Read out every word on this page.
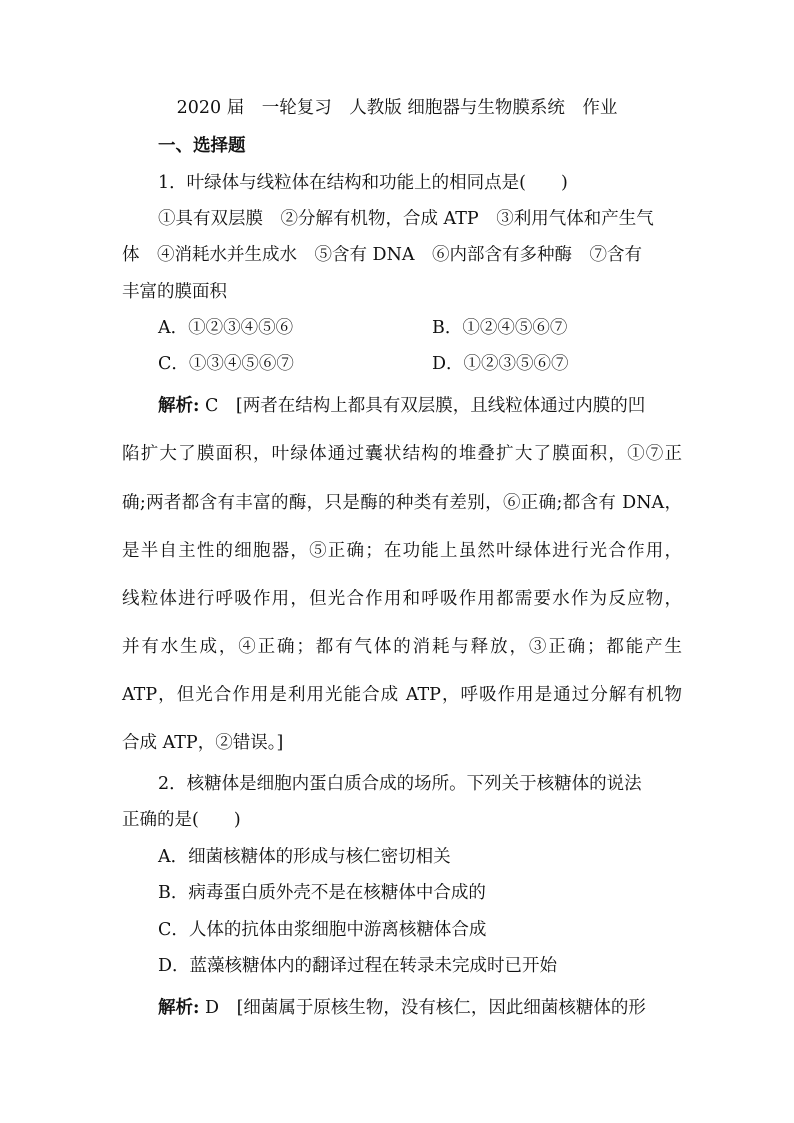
2020 届　一轮复习　人教版 细胞器与生物膜系统　作业
一、选择题
1．叶绿体与线粒体在结构和功能上的相同点是(　　)
①具有双层膜　②分解有机物，合成 ATP　③利用气体和产生气
体　④消耗水并生成水　⑤含有 DNA　⑥内部含有多种酶　⑦含有
丰富的膜面积
A．①②③④⑤⑥	B．①②④⑤⑥⑦
C．①③④⑤⑥⑦	D．①②③⑤⑥⑦
解析: C　[两者在结构上都具有双层膜，且线粒体通过内膜的凹
陷扩大了膜面积，叶绿体通过囊状结构的堆叠扩大了膜面积，①⑦正
确;两者都含有丰富的酶，只是酶的种类有差别，⑥正确;都含有 DNA，
是半自主性的细胞器，⑤正确；在功能上虽然叶绿体进行光合作用，
线粒体进行呼吸作用，但光合作用和呼吸作用都需要水作为反应物，
并有水生成，④正确；都有气体的消耗与释放，③正确；都能产生
ATP，但光合作用是利用光能合成 ATP，呼吸作用是通过分解有机物
合成 ATP，②错误。]
2．核糖体是细胞内蛋白质合成的场所。下列关于核糖体的说法
正确的是(　　)
A．细菌核糖体的形成与核仁密切相关
B．病毒蛋白质外壳不是在核糖体中合成的
C．人体的抗体由浆细胞中游离核糖体合成
D．蓝藻核糖体内的翻译过程在转录未完成时已开始
解析: D　[细菌属于原核生物，没有核仁，因此细菌核糖体的形
